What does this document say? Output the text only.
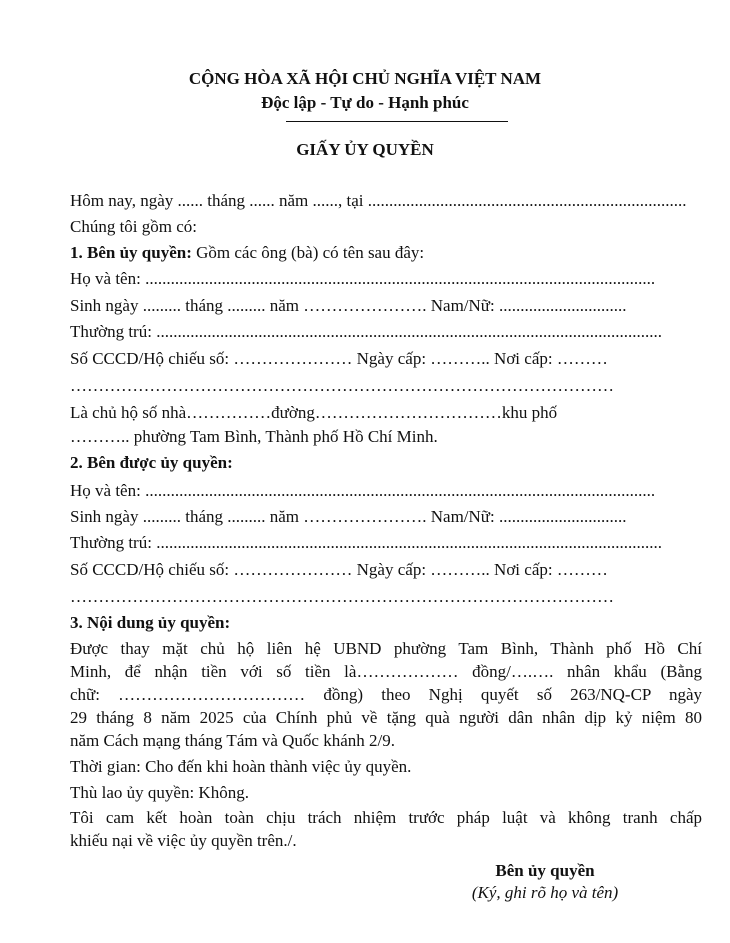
CỘNG HÒA XÃ HỘI CHỦ NGHĨA VIỆT NAM
Độc lập - Tự do - Hạnh phúc
GIẤY ỦY QUYỀN
Hôm nay, ngày ...... tháng ...... năm ......, tại ...........................................................................
Chúng tôi gồm có:
1. Bên ủy quyền: Gồm các ông (bà) có tên sau đây:
Họ và tên: ........................................................................................................................
Sinh ngày ......... tháng ......... năm …………………. Nam/Nữ: ..............................
Thường trú: .......................................................................................................................
Số CCCD/Hộ chiếu số: ………………… Ngày cấp: ……….. Nơi cấp: ………
……………………………………………………………………………………
Là chủ hộ số nhà……………đường……………………………khu phố
……….. phường Tam Bình, Thành phố Hồ Chí Minh.
2. Bên được ủy quyền:
Họ và tên: ........................................................................................................................
Sinh ngày ......... tháng ......... năm …………………. Nam/Nữ: ..............................
Thường trú: .......................................................................................................................
Số CCCD/Hộ chiếu số: ………………… Ngày cấp: ……….. Nơi cấp: ………
……………………………………………………………………………………
3. Nội dung ủy quyền:
Được thay mặt chủ hộ liên hệ UBND phường Tam Bình, Thành phố Hồ Chí
Minh, để nhận tiền với số tiền là……………… đồng/….…. nhân khẩu (Bằng
chữ: …………………………… đồng) theo Nghị quyết số 263/NQ-CP ngày
29 tháng 8 năm 2025 của Chính phủ về tặng quà người dân nhân dịp kỷ niệm 80
năm Cách mạng tháng Tám và Quốc khánh 2/9.
Thời gian: Cho đến khi hoàn thành việc ủy quyền.
Thù lao ủy quyền: Không.
Tôi cam kết hoàn toàn chịu trách nhiệm trước pháp luật và không tranh chấp
khiếu nại về việc ủy quyền trên./.
Bên ủy quyền
(Ký, ghi rõ họ và tên)
